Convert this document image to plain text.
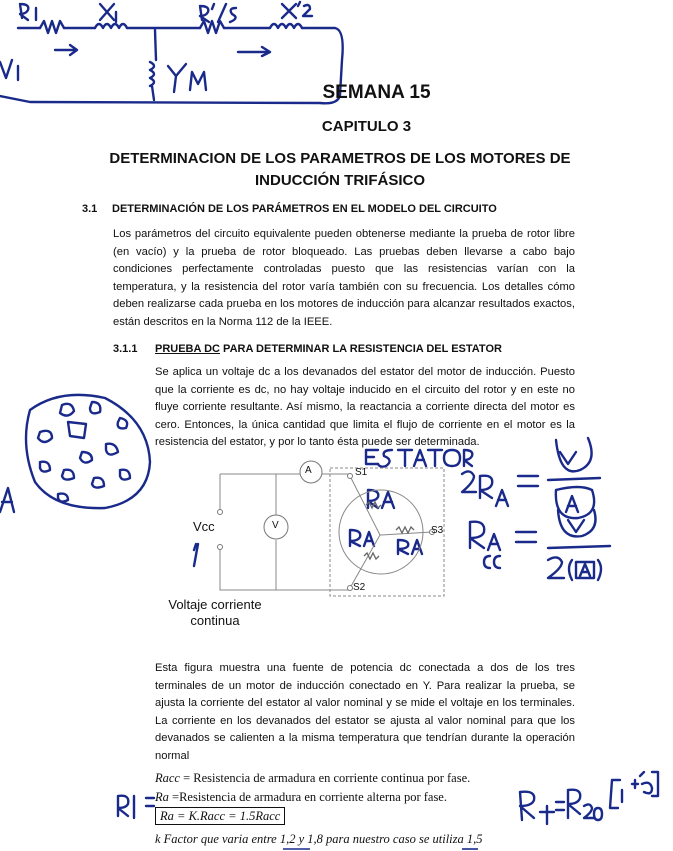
SEMANA 15
CAPITULO 3
DETERMINACION DE LOS PARAMETROS DE LOS MOTORES DE
INDUCCIÓN TRIFÁSICO
3.1 DETERMINACIÓN DE LOS PARÁMETROS EN EL MODELO DEL CIRCUITO
Los parámetros del circuito equivalente pueden obtenerse mediante la prueba de rotor libre (en vacío) y la prueba de rotor bloqueado. Las pruebas deben llevarse a cabo bajo condiciones perfectamente controladas puesto que las resistencias varían con la temperatura, y la resistencia del rotor varía también con su frecuencia. Los detalles cómo deben realizarse cada prueba en los motores de inducción para alcanzar resultados exactos, están descritos en la Norma 112 de la IEEE.
3.1.1 PRUEBA DC PARA DETERMINAR LA RESISTENCIA DEL ESTATOR
Se aplica un voltaje dc a los devanados del estator del motor de inducción. Puesto que la corriente es dc, no hay voltaje inducido en el circuito del rotor y en este no fluye corriente resultante. Así mismo, la reactancia a corriente directa del motor es cero. Entonces, la única cantidad que limita el flujo de corriente en el motor es la resistencia del estator, y por lo tanto ésta puede ser determinada.
Vcc
A
V
S1
S2
S3
Voltaje corriente
continua
Esta figura muestra una fuente de potencia dc conectada a dos de los tres terminales de un motor de inducción conectado en Y. Para realizar la prueba, se ajusta la corriente del estator al valor nominal y se mide el voltaje en los terminales. La corriente en los devanados del estator se ajusta al valor nominal para que los devanados se calienten a la misma temperatura que tendrían durante la operación normal
Racc = Resistencia de armadura en corriente continua por fase.
Ra =Resistencia de armadura en corriente alterna por fase.
Ra = K.Racc = 1.5Racc
k Factor que varia entre 1,2 y 1,8 para nuestro caso se utiliza 1,5
